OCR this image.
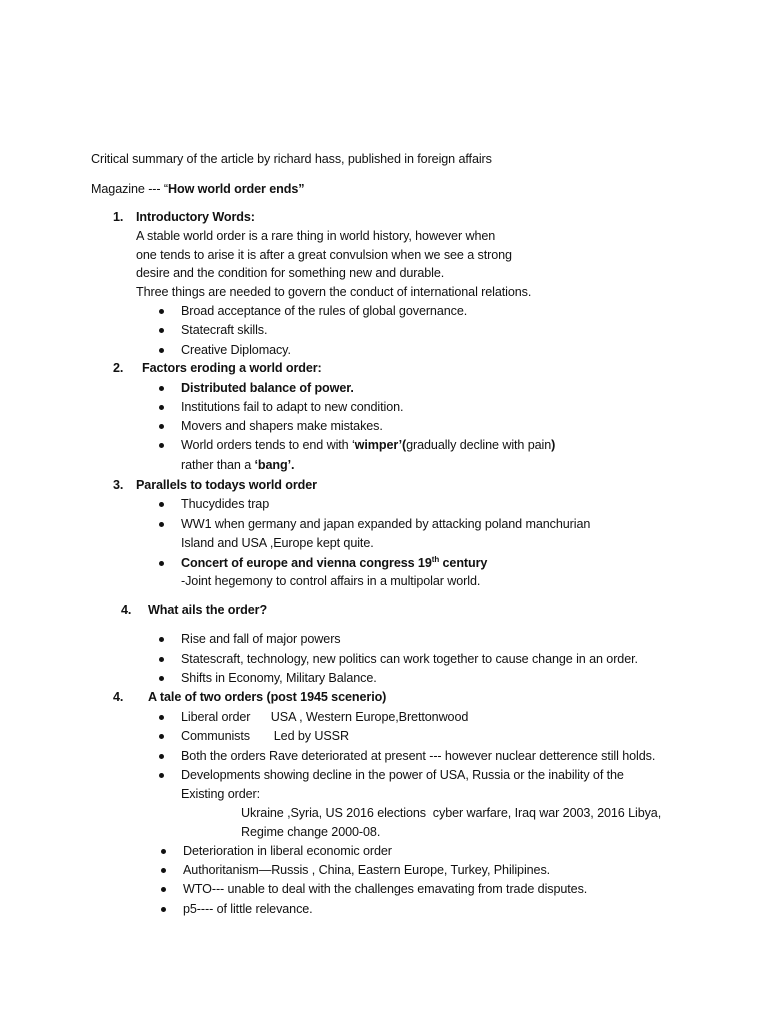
Critical summary of the article by richard hass, published in foreign affairs
Magazine --- “How world order ends”
1. Introductory Words:
A stable world order is a rare thing in world history, however when
one tends to arise it is after a great convulsion when we see a strong
desire and the condition for something new and durable.
Three things are needed to govern the conduct of international relations.
Broad acceptance of the rules of global governance.
Statecraft skills.
Creative Diplomacy.
2. Factors eroding a world order:
Distributed balance of power.
Institutions fail to adapt to new condition.
Movers and shapers make mistakes.
World orders tends to end with ‘wimper’(gradually decline with pain)
rather than a ‘bang’.
3. Parallels to todays world order
Thucydides trap
WW1 when germany and japan expanded by attacking poland manchurian
Island and USA ,Europe kept quite.
Concert of europe and vienna congress 19th century
-Joint hegemony to control affairs in a multipolar world.
4. What ails the order?
Rise and fall of major powers
Statescraft, technology, new politics can work together to cause change in an order.
Shifts in Economy, Military Balance.
4. A tale of two orders (post 1945 scenerio)
Liberal order      USA , Western Europe,Brettonwood
Communists       Led by USSR
Both the orders Rave deteriorated at present --- however nuclear detterence still holds.
Developments showing decline in the power of USA, Russia or the inability of the
Existing order:
Ukraine ,Syria, US 2016 elections  cyber warfare, Iraq war 2003, 2016 Libya,
Regime change 2000-08.
Deterioration in liberal economic order
Authoritanism—Russis , China, Eastern Europe, Turkey, Philipines.
WTO--- unable to deal with the challenges emavating from trade disputes.
p5---- of little relevance.
